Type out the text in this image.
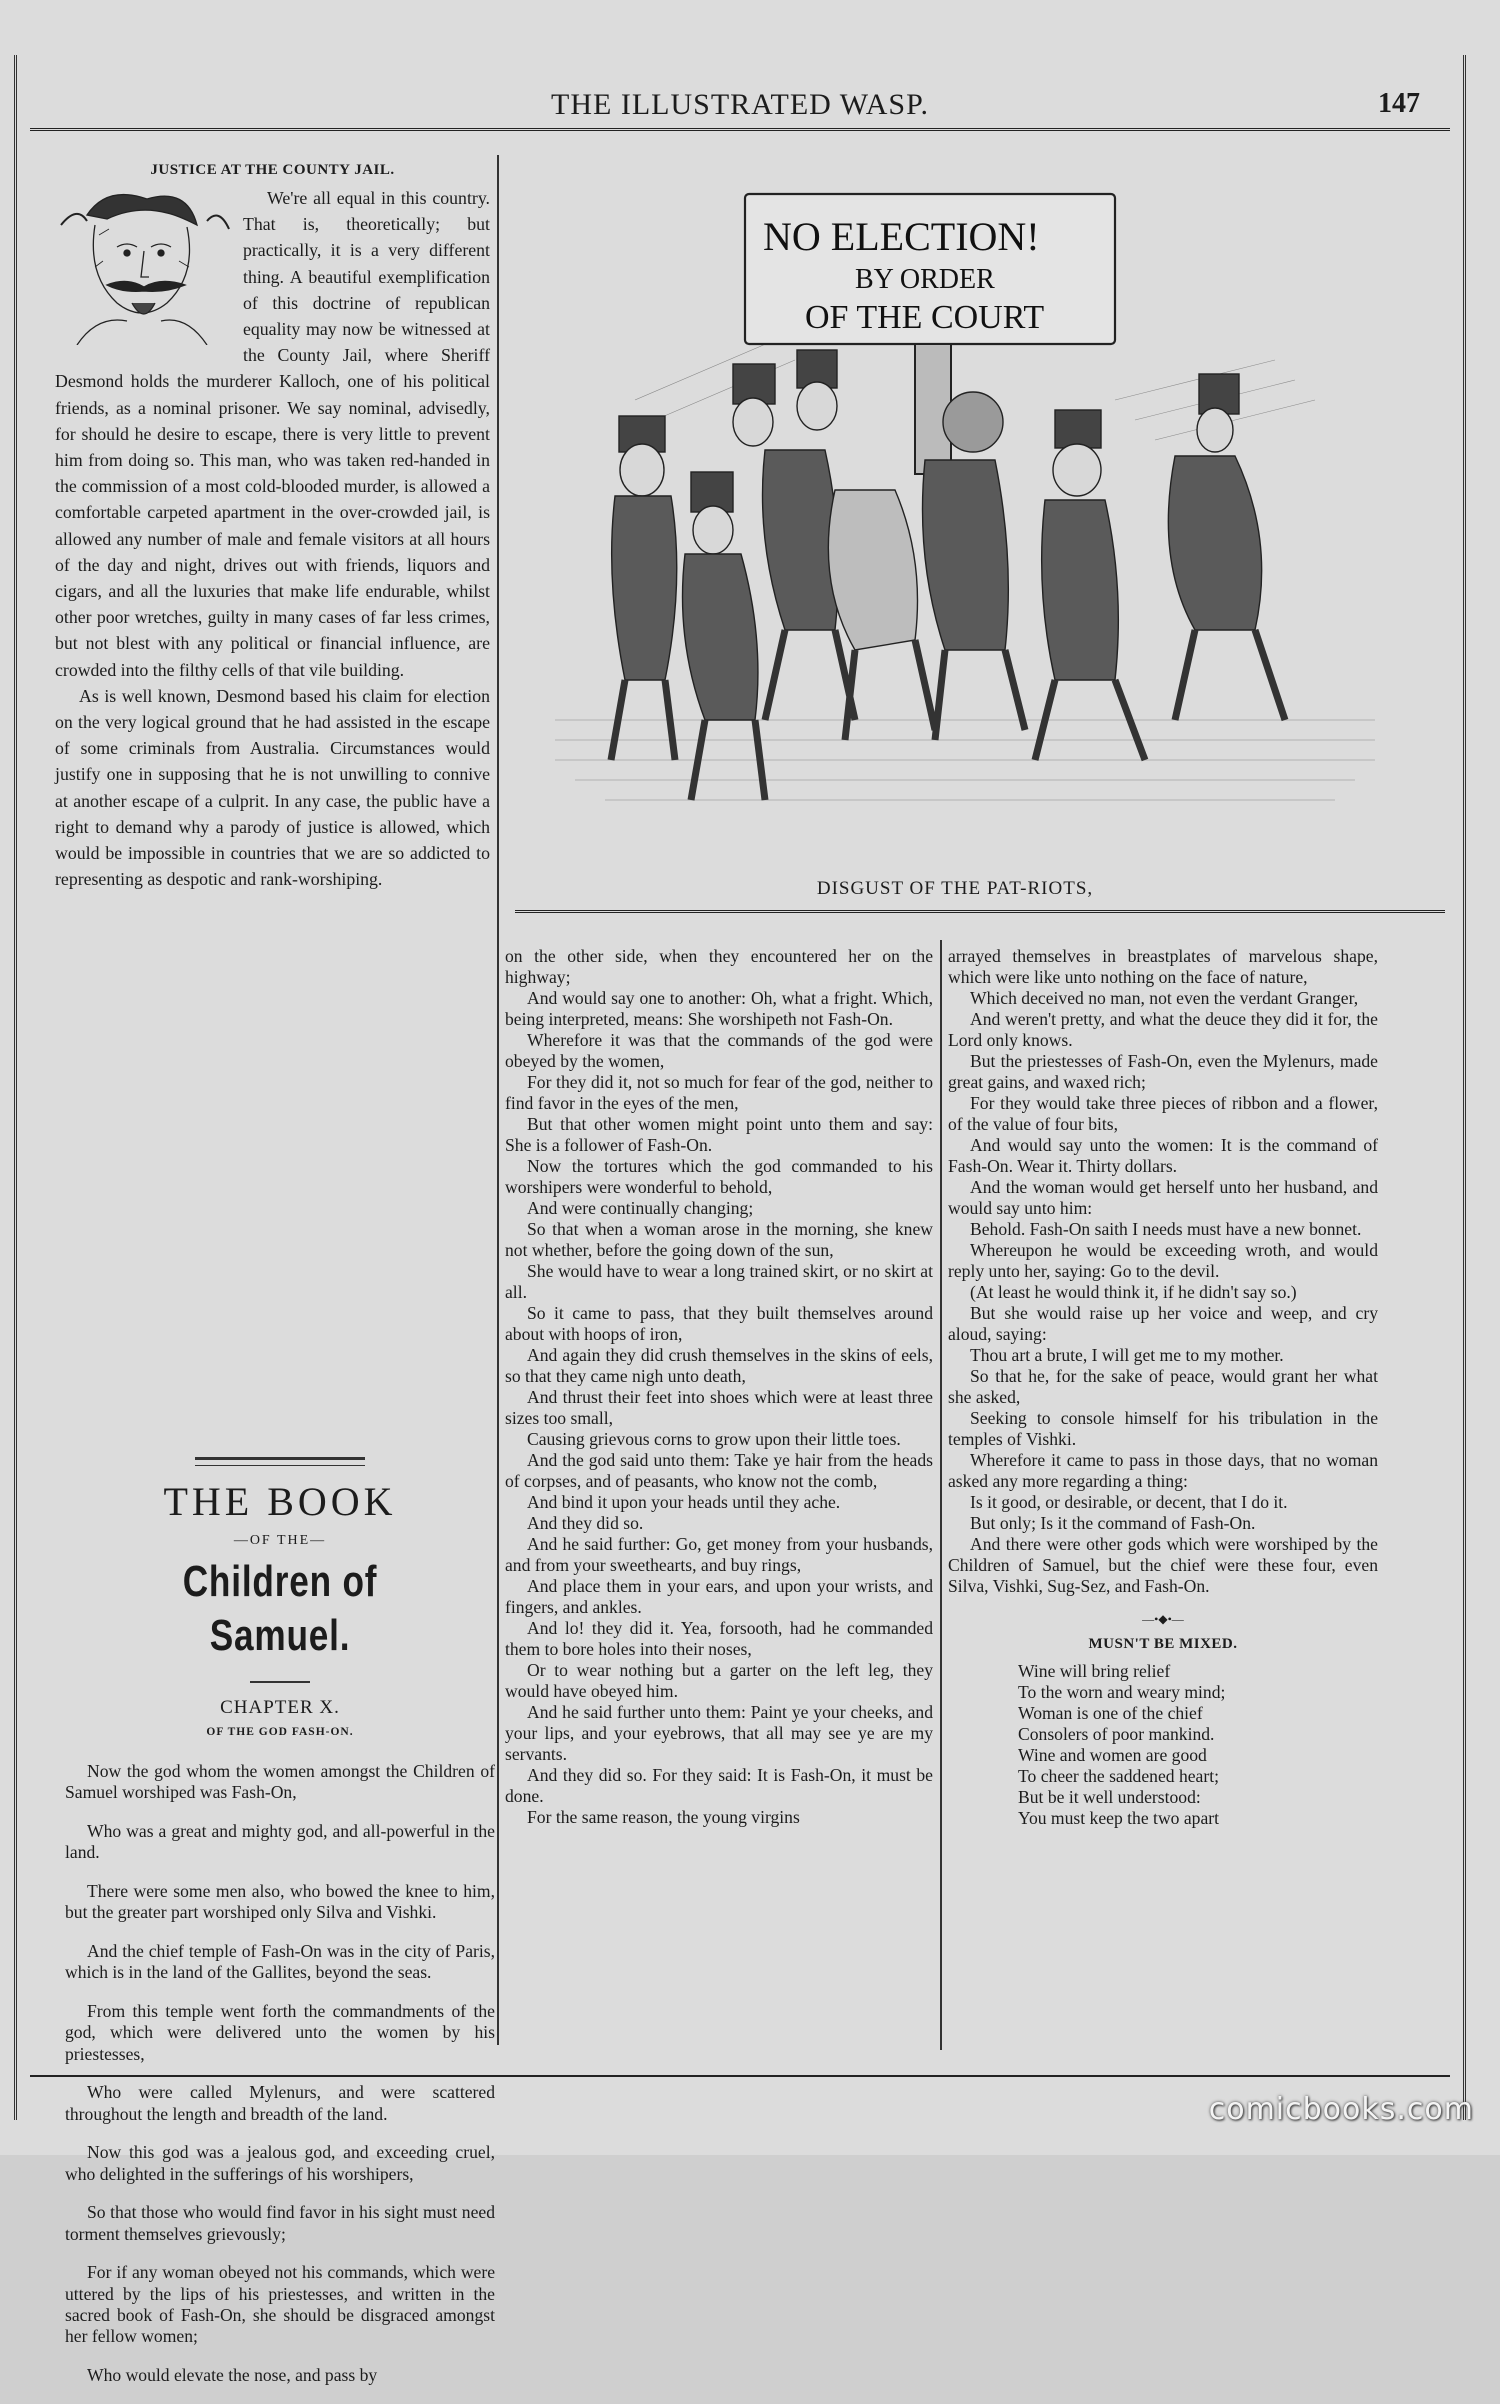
THE ILLUSTRATED WASP.	147
JUSTICE AT THE COUNTY JAIL.

We're all equal in this country. That is, theoretically; but practically, it is a very different thing. A beautiful exemplification of this doctrine of republican equality may now be witnessed at the County Jail, where Sheriff Desmond holds the murderer Kalloch, one of his political friends, as a nominal prisoner. We say nominal, advisedly, for should he desire to escape, there is very little to prevent him from doing so. This man, who was taken red-handed in the commission of a most cold-blooded murder, is allowed a comfortable carpeted apartment in the over-crowded jail, is allowed any number of male and female visitors at all hours of the day and night, drives out with friends, liquors and cigars, and all the luxuries that make life endurable, whilst other poor wretches, guilty in many cases of far less crimes, but not blest with any political or financial influence, are crowded into the filthy cells of that vile building.

As is well known, Desmond based his claim for election on the very logical ground that he had assisted in the escape of some criminals from Australia. Circumstances would justify one in supposing that he is not unwilling to connive at another escape of a culprit. In any case, the public have a right to demand why a parody of justice is allowed, which would be impossible in countries that we are so addicted to representing as despotic and rank-worshiping.

THE BOOK
—OF THE—
Children of Samuel.
CHAPTER X.
OF THE GOD FASH-ON.

Now the god whom the women amongst the Children of Samuel worshiped was Fash-On,

Who was a great and mighty god, and all-powerful in the land.

There were some men also, who bowed the knee to him, but the greater part worshiped only Silva and Vishki.

And the chief temple of Fash-On was in the city of Paris, which is in the land of the Gallites, beyond the seas.

From this temple went forth the commandments of the god, which were delivered unto the women by his priestesses,

Who were called Mylenurs, and were scattered throughout the length and breadth of the land.

Now this god was a jealous god, and exceeding cruel, who delighted in the sufferings of his worshipers,

So that those who would find favor in his sight must need torment themselves grievously;

For if any woman obeyed not his commands, which were uttered by the lips of his priestesses, and written in the sacred book of Fash-On, she should be disgraced amongst her fellow women;

Who would elevate the nose, and pass by

NO ELECTION!
BY ORDER
OF THE COURT
DISGUST OF THE PAT-RIOTS,

on the other side, when they encountered her on the highway;

And would say one to another: Oh, what a fright. Which, being interpreted, means: She worshipeth not Fash-On.

Wherefore it was that the commands of the god were obeyed by the women,

For they did it, not so much for fear of the god, neither to find favor in the eyes of the men,

But that other women might point unto them and say: She is a follower of Fash-On.

Now the tortures which the god commanded to his worshipers were wonderful to behold,

And were continually changing;

So that when a woman arose in the morning, she knew not whether, before the going down of the sun,

She would have to wear a long trained skirt, or no skirt at all.

So it came to pass, that they built themselves around about with hoops of iron,

And again they did crush themselves in the skins of eels, so that they came nigh unto death,

And thrust their feet into shoes which were at least three sizes too small,

Causing grievous corns to grow upon their little toes.

And the god said unto them: Take ye hair from the heads of corpses, and of peasants, who know not the comb,

And bind it upon your heads until they ache.

And they did so.

And he said further: Go, get money from your husbands, and from your sweethearts, and buy rings,

And place them in your ears, and upon your wrists, and fingers, and ankles.

And lo! they did it. Yea, forsooth, had he commanded them to bore holes into their noses,

Or to wear nothing but a garter on the left leg, they would have obeyed him.

And he said further unto them: Paint ye your cheeks, and your lips, and your eyebrows, that all may see ye are my servants.

And they did so. For they said: It is Fash-On, it must be done.

For the same reason, the young virgins

arrayed themselves in breastplates of marvelous shape, which were like unto nothing on the face of nature,

Which deceived no man, not even the verdant Granger,

And weren't pretty, and what the deuce they did it for, the Lord only knows.

But the priestesses of Fash-On, even the Mylenurs, made great gains, and waxed rich;

For they would take three pieces of ribbon and a flower, of the value of four bits,

And would say unto the women: It is the command of Fash-On. Wear it. Thirty dollars.

And the woman would get herself unto her husband, and would say unto him:

Behold. Fash-On saith I needs must have a new bonnet.

Whereupon he would be exceeding wroth, and would reply unto her, saying: Go to the devil.

(At least he would think it, if he didn't say so.)

But she would raise up her voice and weep, and cry aloud, saying:

Thou art a brute, I will get me to my mother.

So that he, for the sake of peace, would grant her what she asked,

Seeking to console himself for his tribulation in the temples of Vishki.

Wherefore it came to pass in those days, that no woman asked any more regarding a thing:

Is it good, or desirable, or decent, that I do it.

But only; Is it the command of Fash-On.

And there were other gods which were worshiped by the Children of Samuel, but the chief were these four, even Silva, Vishki, Sug-Sez, and Fash-On.

—•◆•—
MUSN'T BE MIXED.
Wine will bring relief
To the worn and weary mind;
Woman is one of the chief
Consolers of poor mankind.
Wine and women are good
To cheer the saddened heart;
But be it well understood:
You must keep the two apart
comicbooks.com
